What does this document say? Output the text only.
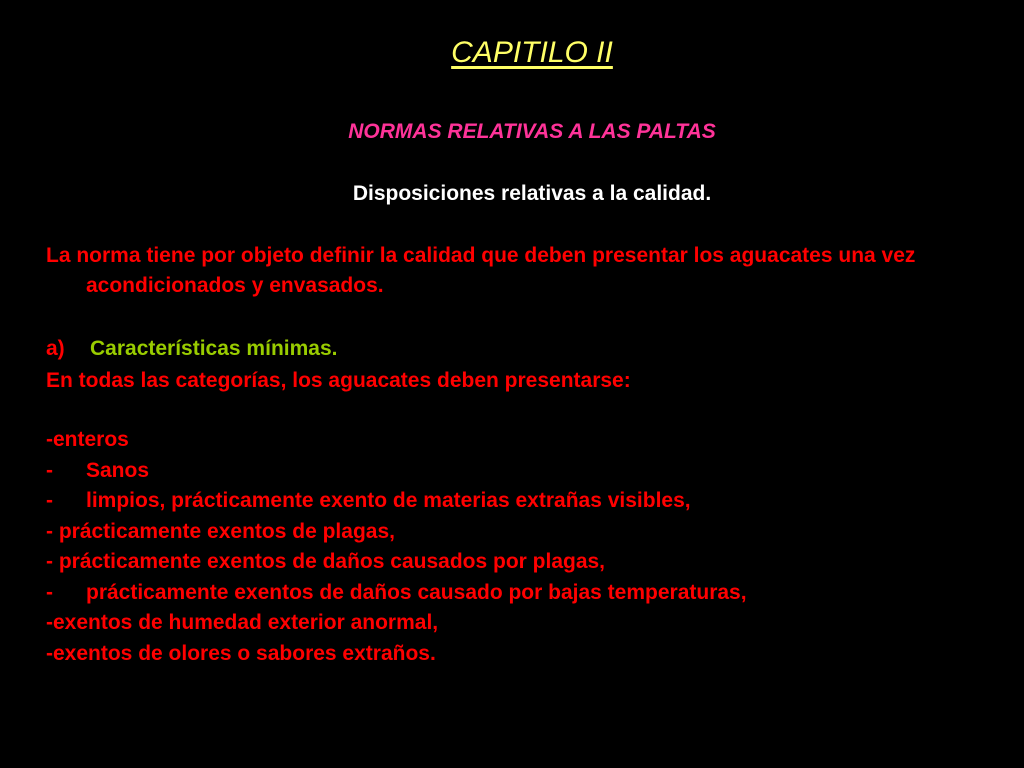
CAPITILO II
NORMAS RELATIVAS A LAS PALTAS
Disposiciones relativas a la calidad.

La norma tiene por objeto definir la calidad que deben presentar los aguacates una vez acondicionados y envasados.

a) Características mínimas.

En todas las categorías, los aguacates deben presentarse:

-enteros
- Sanos
- limpios, prácticamente exento de materias extrañas visibles,
- prácticamente exentos de plagas,
- prácticamente exentos de daños causados por plagas,
- prácticamente exentos de daños causado por bajas temperaturas,
-exentos de humedad exterior anormal,
-exentos de olores o sabores extraños.
